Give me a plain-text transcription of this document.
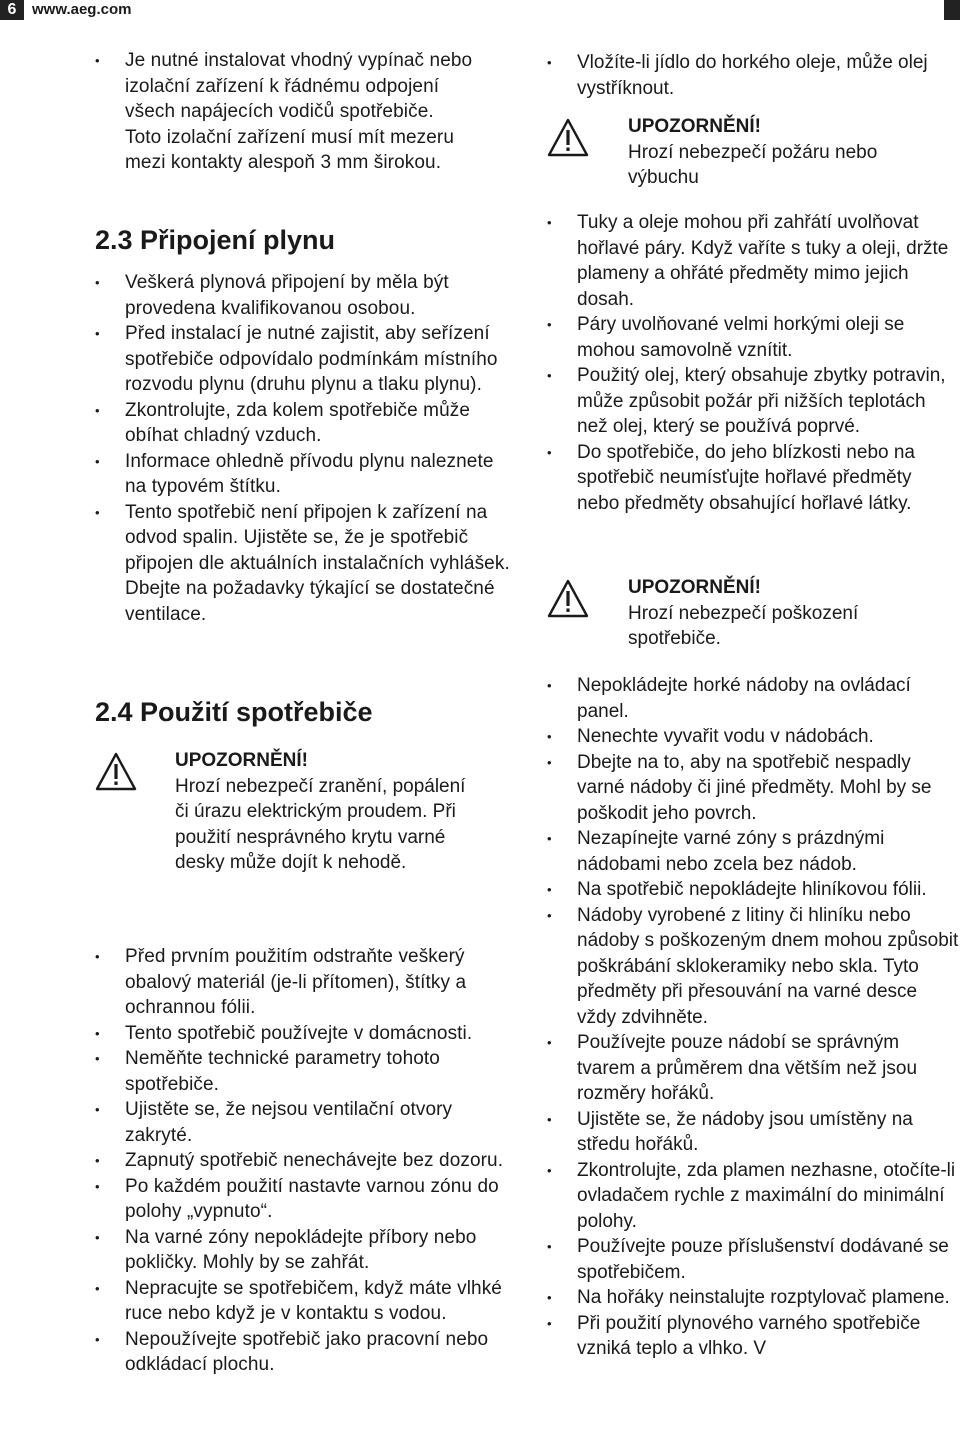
6	www.aeg.com
• Je nutné instalovat vhodný vypínač nebo izolační zařízení k řádnému odpojení všech napájecích vodičů spotřebiče. Toto izolační zařízení musí mít mezeru mezi kontakty alespoň 3 mm širokou.
2.3 Připojení plynu
• Veškerá plynová připojení by měla být provedena kvalifikovanou osobou.
• Před instalací je nutné zajistit, aby seřízení spotřebiče odpovídalo podmínkám místního rozvodu plynu (druhu plynu a tlaku plynu).
• Zkontrolujte, zda kolem spotřebiče může obíhat chladný vzduch.
• Informace ohledně přívodu plynu naleznete na typovém štítku.
• Tento spotřebič není připojen k zařízení na odvod spalin. Ujistěte se, že je spotřebič připojen dle aktuálních instalačních vyhlášek. Dbejte na požadavky týkající se dostatečné ventilace.
2.4 Použití spotřebiče
UPOZORNĚNÍ!
Hrozí nebezpečí zranění, popálení či úrazu elektrickým proudem. Při použití nesprávného krytu varné desky může dojít k nehodě.
• Před prvním použitím odstraňte veškerý obalový materiál (je-li přítomen), štítky a ochrannou fólii.
• Tento spotřebič používejte v domácnosti.
• Neměňte technické parametry tohoto spotřebiče.
• Ujistěte se, že nejsou ventilační otvory zakryté.
• Zapnutý spotřebič nenechávejte bez dozoru.
• Po každém použití nastavte varnou zónu do polohy „vypnuto“.
• Na varné zóny nepokládejte příbory nebo pokličky. Mohly by se zahřát.
• Nepracujte se spotřebičem, když máte vlhké ruce nebo když je v kontaktu s vodou.
• Nepoužívejte spotřebič jako pracovní nebo odkládací plochu.
• Vložíte-li jídlo do horkého oleje, může olej vystříknout.
UPOZORNĚNÍ!
Hrozí nebezpečí požáru nebo výbuchu
• Tuky a oleje mohou při zahřátí uvolňovat hořlavé páry. Když vaříte s tuky a oleji, držte plameny a ohřáté předměty mimo jejich dosah.
• Páry uvolňované velmi horkými oleji se mohou samovolně vznítit.
• Použitý olej, který obsahuje zbytky potravin, může způsobit požár při nižších teplotách než olej, který se používá poprvé.
• Do spotřebiče, do jeho blízkosti nebo na spotřebič neumísťujte hořlavé předměty nebo předměty obsahující hořlavé látky.
UPOZORNĚNÍ!
Hrozí nebezpečí poškození spotřebiče.
• Nepokládejte horké nádoby na ovládací panel.
• Nenechte vyvařit vodu v nádobách.
• Dbejte na to, aby na spotřebič nespadly varné nádoby či jiné předměty. Mohl by se poškodit jeho povrch.
• Nezapínejte varné zóny s prázdnými nádobami nebo zcela bez nádob.
• Na spotřebič nepokládejte hliníkovou fólii.
• Nádoby vyrobené z litiny či hliníku nebo nádoby s poškozeným dnem mohou způsobit poškrábání sklokeramiky nebo skla. Tyto předměty při přesouvání na varné desce vždy zdvihněte.
• Používejte pouze nádobí se správným tvarem a průměrem dna větším než jsou rozměry hořáků.
• Ujistěte se, že nádoby jsou umístěny na středu hořáků.
• Zkontrolujte, zda plamen nezhasne, otočíte-li ovladačem rychle z maximální do minimální polohy.
• Používejte pouze příslušenství dodávané se spotřebičem.
• Na hořáky neinstalujte rozptylovač plamene.
• Při použití plynového varného spotřebiče vzniká teplo a vlhko. V
